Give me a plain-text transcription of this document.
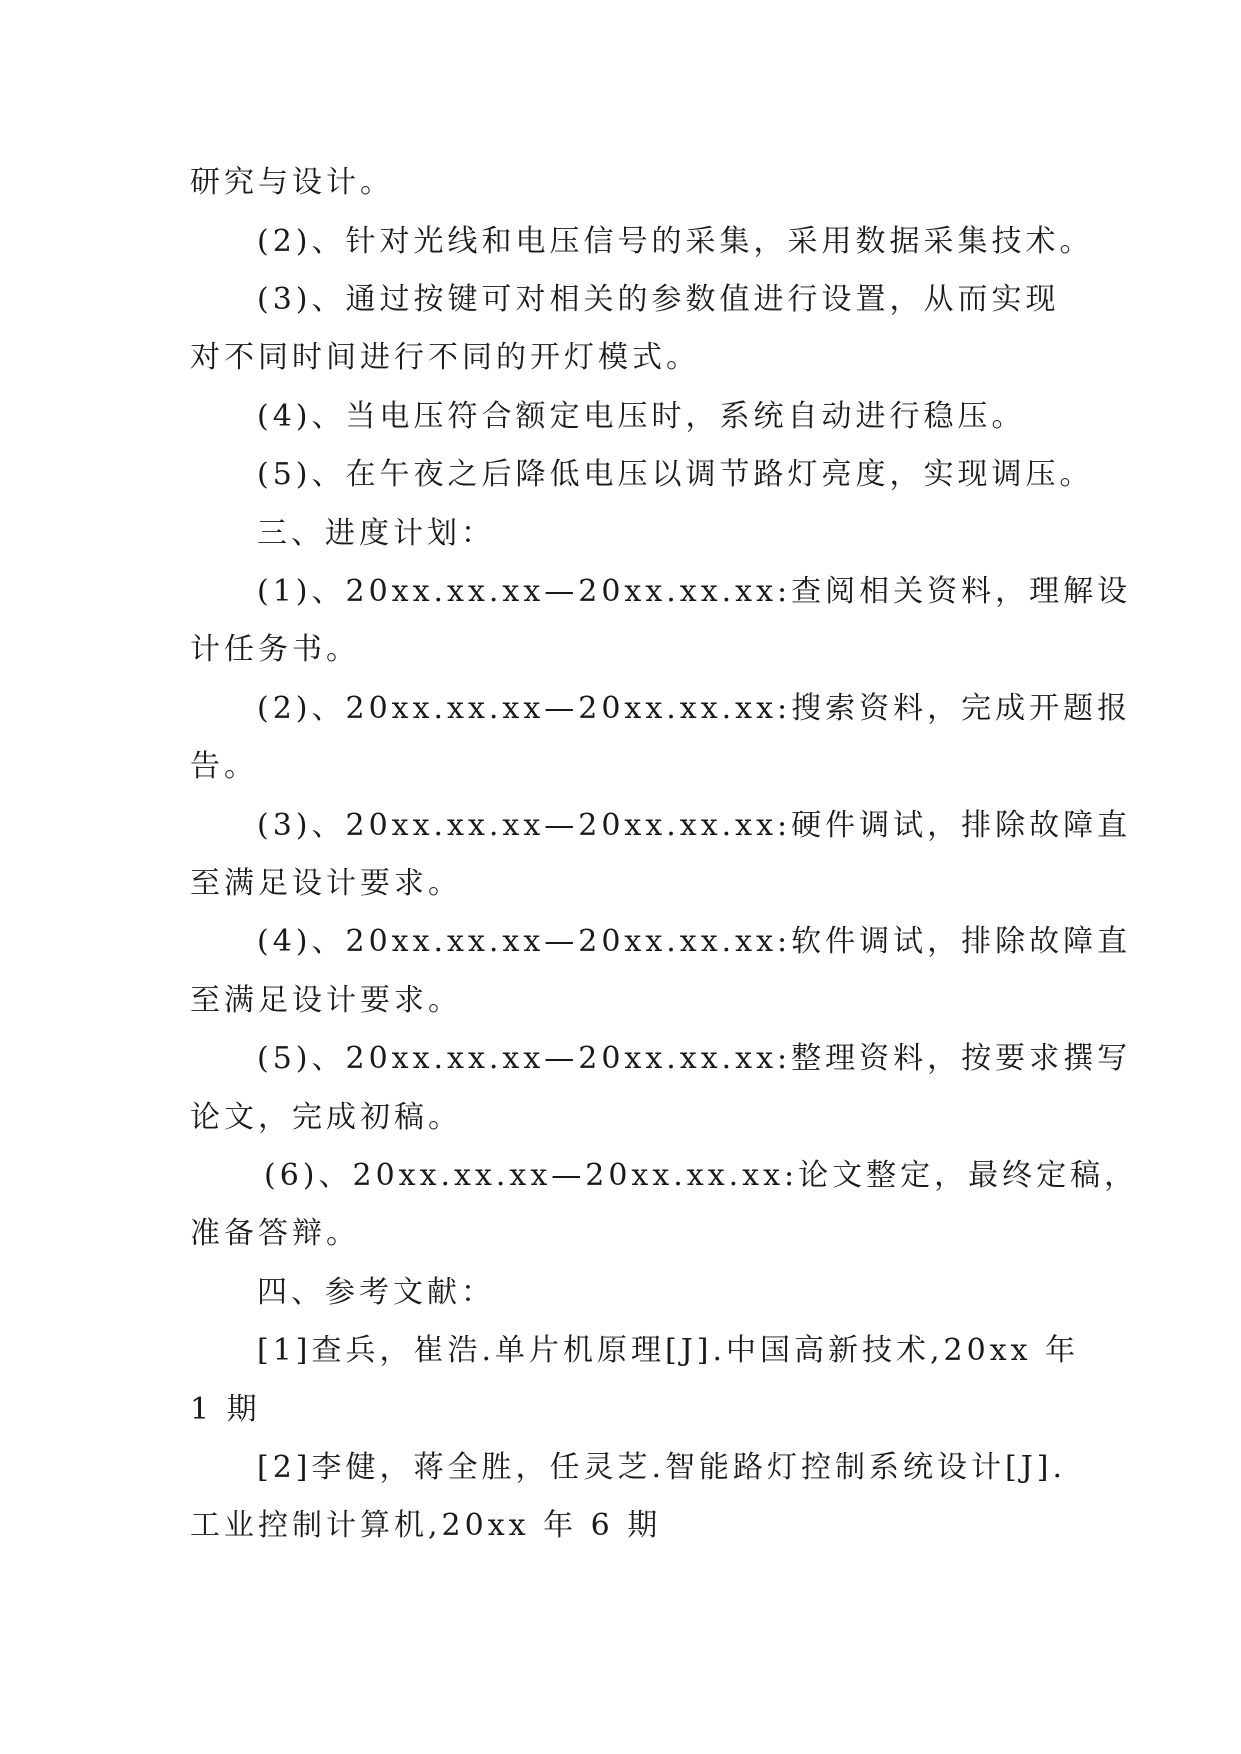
研究与设计。
(2)、针对光线和电压信号的采集，采用数据采集技术。
(3)、通过按键可对相关的参数值进行设置，从而实现
对不同时间进行不同的开灯模式。
(4)、当电压符合额定电压时，系统自动进行稳压。
(5)、在午夜之后降低电压以调节路灯亮度，实现调压。
三、进度计划：
(1)、20xx.xx.xx—20xx.xx.xx:查阅相关资料，理解设
计任务书。
(2)、20xx.xx.xx—20xx.xx.xx:搜索资料，完成开题报
告。
(3)、20xx.xx.xx—20xx.xx.xx:硬件调试，排除故障直
至满足设计要求。
(4)、20xx.xx.xx—20xx.xx.xx:软件调试，排除故障直
至满足设计要求。
(5)、20xx.xx.xx—20xx.xx.xx:整理资料，按要求撰写
论文，完成初稿。
(6)、20xx.xx.xx—20xx.xx.xx:论文整定，最终定稿，
准备答辩。
四、参考文献：
[1]查兵，崔浩.单片机原理[J].中国高新技术,20xx 年
1 期
[2]李健，蒋全胜，任灵芝.智能路灯控制系统设计[J].
工业控制计算机,20xx 年 6 期
